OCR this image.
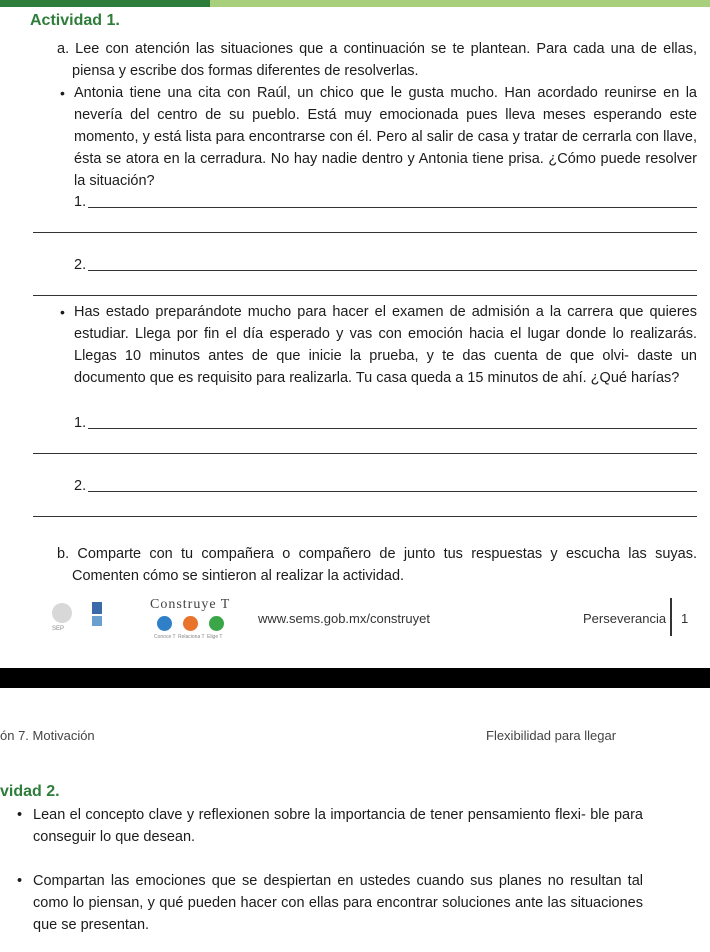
Actividad 1.
a. Lee con atención las situaciones que a continuación se te plantean. Para cada una de ellas, piensa y escribe dos formas diferentes de resolverlas.
• Antonia tiene una cita con Raúl, un chico que le gusta mucho. Han acordado reunirse en la nevería del centro de su pueblo. Está muy emocionada pues lleva meses esperando este momento, y está lista para encontrarse con él. Pero al salir de casa y tratar de cerrarla con llave, ésta se atora en la cerradura. No hay nadie dentro y Antonia tiene prisa. ¿Cómo puede resolver la situación?
1.
2.
• Has estado preparándote mucho para hacer el examen de admisión a la carrera que quieres estudiar. Llega por fin el día esperado y vas con emoción hacia el lugar donde lo realizarás. Llegas 10 minutos antes de que inicie la prueba, y te das cuenta de que olvi- daste un documento que es requisito para realizarla. Tu casa queda a 15 minutos de ahí. ¿Qué harías?
1.
2.
b. Comparte con tu compañera o compañero de junto tus respuestas y escucha las suyas. Comenten cómo se sintieron al realizar la actividad.
SEP
Construye T
Conoce T Relaciona T Elige T
www.sems.gob.mx/construyet	Perseverancia 1
ón 7. Motivación	Flexibilidad para llegar
vidad 2.
• Lean el concepto clave y reflexionen sobre la importancia de tener pensamiento flexi- ble para conseguir lo que desean.
• Compartan las emociones que se despiertan en ustedes cuando sus planes no resultan tal como lo piensan, y qué pueden hacer con ellas para encontrar soluciones ante las situaciones que se presentan.
